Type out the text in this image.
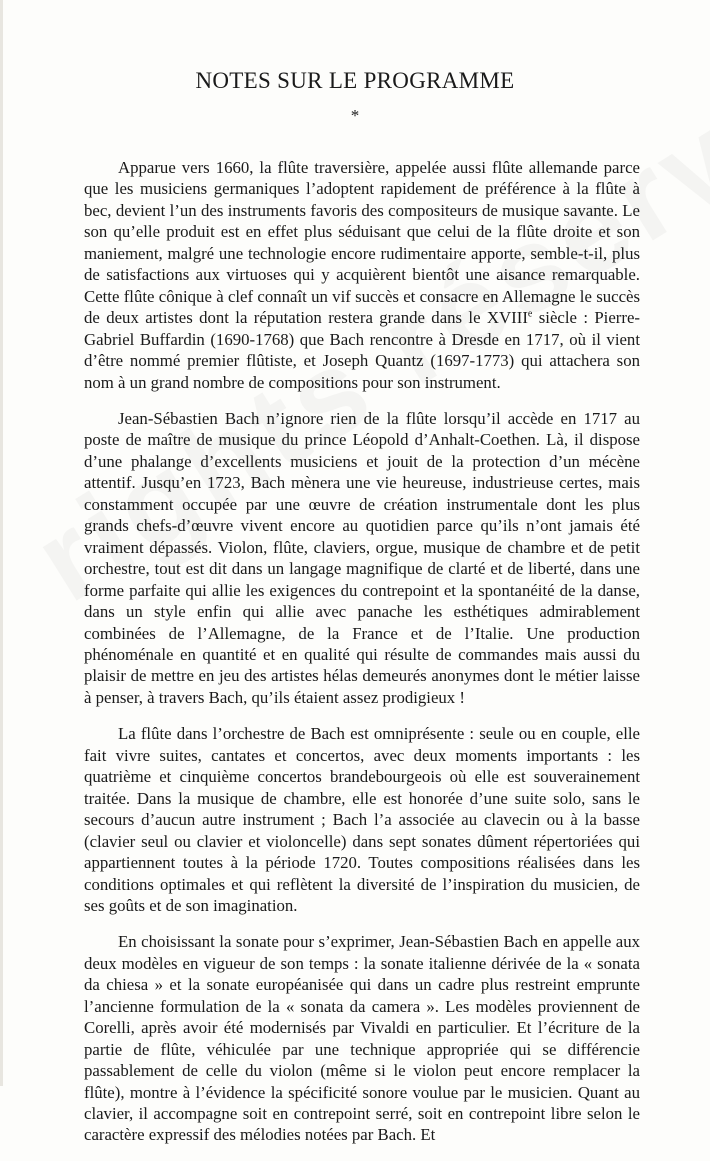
NOTES SUR LE PROGRAMME
*

Apparue vers 1660, la flûte traversière, appelée aussi flûte allemande parce que les musiciens germaniques l’adoptent rapidement de préférence à la flûte à bec, devient l’un des instruments favoris des compositeurs de musique savante. Le son qu’elle produit est en effet plus séduisant que celui de la flûte droite et son maniement, malgré une technologie encore rudimentaire apporte, semble-t-il, plus de satisfactions aux virtuoses qui y acquièrent bientôt une aisance remarquable. Cette flûte cônique à clef connaît un vif succès et consacre en Allemagne le succès de deux artistes dont la réputation restera grande dans le XVIIIe siècle : Pierre-Gabriel Buffardin (1690-1768) que Bach rencontre à Dresde en 1717, où il vient d’être nommé premier flûtiste, et Joseph Quantz (1697-1773) qui attachera son nom à un grand nombre de compositions pour son instrument.

Jean-Sébastien Bach n’ignore rien de la flûte lorsqu’il accède en 1717 au poste de maître de musique du prince Léopold d’Anhalt-Coethen. Là, il dispose d’une phalange d’excellents musiciens et jouit de la protection d’un mécène attentif. Jusqu’en 1723, Bach mènera une vie heureuse, industrieuse certes, mais constamment occupée par une œuvre de création instrumentale dont les plus grands chefs-d’œuvre vivent encore au quotidien parce qu’ils n’ont jamais été vraiment dépassés. Violon, flûte, claviers, orgue, musique de chambre et de petit orchestre, tout est dit dans un langage magnifique de clarté et de liberté, dans une forme parfaite qui allie les exigences du contrepoint et la spontanéité de la danse, dans un style enfin qui allie avec panache les esthétiques admirablement combinées de l’Allemagne, de la France et de l’Italie. Une production phénoménale en quantité et en qualité qui résulte de commandes mais aussi du plaisir de mettre en jeu des artistes hélas demeurés anonymes dont le métier laisse à penser, à travers Bach, qu’ils étaient assez prodigieux !

La flûte dans l’orchestre de Bach est omniprésente : seule ou en couple, elle fait vivre suites, cantates et concertos, avec deux moments importants : les quatrième et cinquième concertos brandebourgeois où elle est souverainement traitée. Dans la musique de chambre, elle est honorée d’une suite solo, sans le secours d’aucun autre instrument ; Bach l’a associée au clavecin ou à la basse (clavier seul ou clavier et violoncelle) dans sept sonates dûment répertoriées qui appartiennent toutes à la période 1720. Toutes compositions réalisées dans les conditions optimales et qui reflètent la diversité de l’inspiration du musicien, de ses goûts et de son imagination.

En choisissant la sonate pour s’exprimer, Jean-Sébastien Bach en appelle aux deux modèles en vigueur de son temps : la sonate italienne dérivée de la « sonata da chiesa » et la sonate européanisée qui dans un cadre plus restreint emprunte l’ancienne formulation de la « sonata da camera ». Les modèles proviennent de Corelli, après avoir été modernisés par Vivaldi en particulier. Et l’écriture de la partie de flûte, véhiculée par une technique appropriée qui se différencie passablement de celle du violon (même si le violon peut encore remplacer la flûte), montre à l’évidence la spécificité sonore voulue par le musicien. Quant au clavier, il accompagne soit en contrepoint serré, soit en contrepoint libre selon le caractère expressif des mélodies notées par Bach. Et
